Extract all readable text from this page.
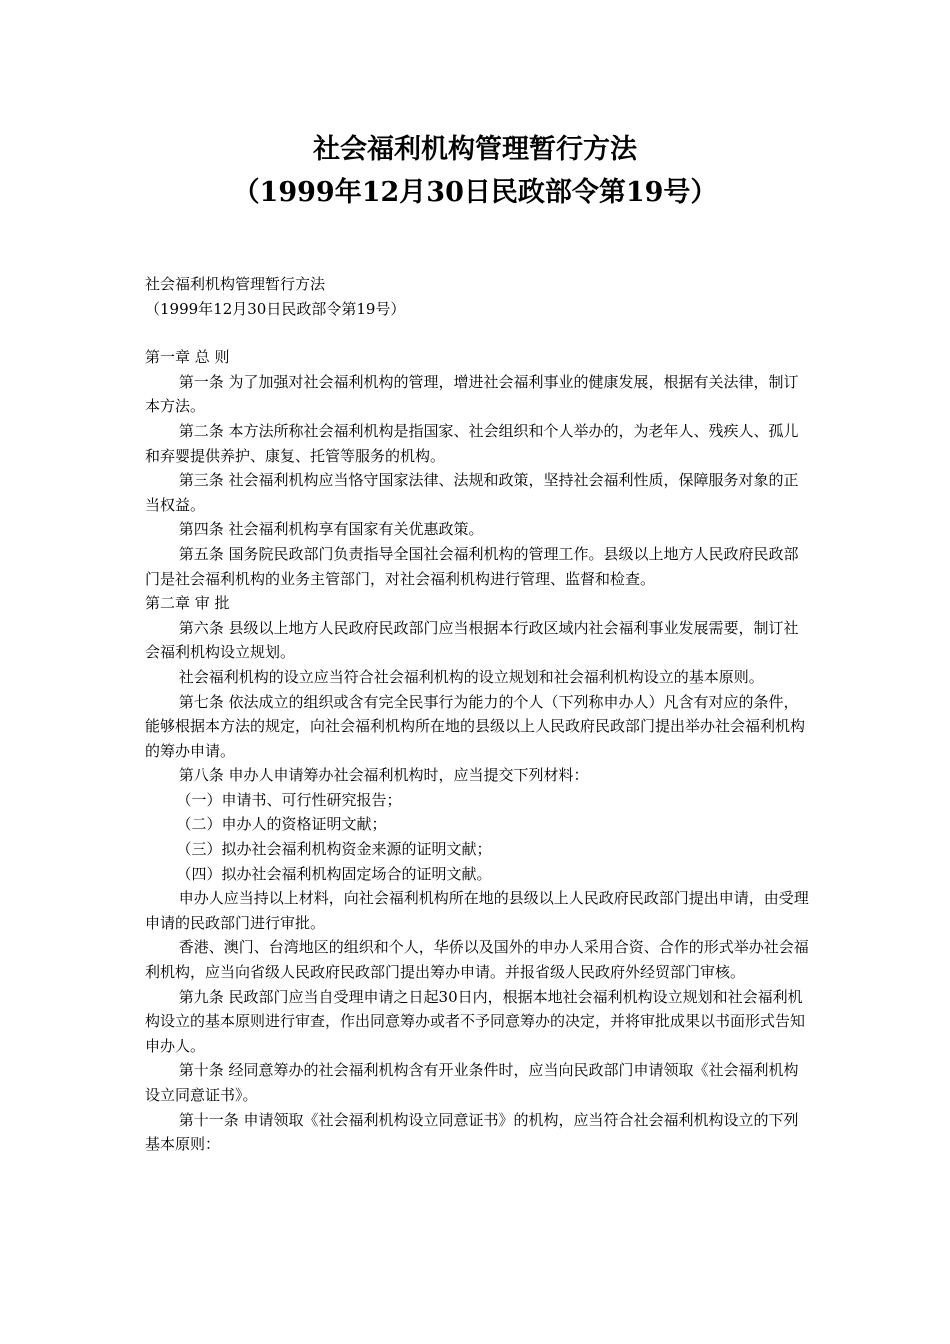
社会福利机构管理暂行方法
（1999年12月30日民政部令第19号）

社会福利机构管理暂行方法

（1999年12月30日民政部令第19号）

第一章 总 则

第一条 为了加强对社会福利机构的管理，增进社会福利事业的健康发展，根据有关法律，制订本方法。

第二条 本方法所称社会福利机构是指国家、社会组织和个人举办的，为老年人、残疾人、孤儿和弃婴提供养护、康复、托管等服务的机构。

第三条 社会福利机构应当恪守国家法律、法规和政策，坚持社会福利性质，保障服务对象的正当权益。

第四条 社会福利机构享有国家有关优惠政策。

第五条 国务院民政部门负责指导全国社会福利机构的管理工作。县级以上地方人民政府民政部门是社会福利机构的业务主管部门，对社会福利机构进行管理、监督和检查。

第二章 审 批

第六条 县级以上地方人民政府民政部门应当根据本行政区域内社会福利事业发展需要，制订社会福利机构设立规划。

社会福利机构的设立应当符合社会福利机构的设立规划和社会福利机构设立的基本原则。

第七条 依法成立的组织或含有完全民事行为能力的个人（下列称申办人）凡含有对应的条件，能够根据本方法的规定，向社会福利机构所在地的县级以上人民政府民政部门提出举办社会福利机构的筹办申请。

第八条 申办人申请筹办社会福利机构时，应当提交下列材料：

（一）申请书、可行性研究报告；

（二）申办人的资格证明文献；

（三）拟办社会福利机构资金来源的证明文献；

（四）拟办社会福利机构固定场合的证明文献。

申办人应当持以上材料，向社会福利机构所在地的县级以上人民政府民政部门提出申请，由受理申请的民政部门进行审批。

香港、澳门、台湾地区的组织和个人，华侨以及国外的申办人采用合资、合作的形式举办社会福利机构，应当向省级人民政府民政部门提出筹办申请。并报省级人民政府外经贸部门审核。

第九条 民政部门应当自受理申请之日起30日内，根据本地社会福利机构设立规划和社会福利机构设立的基本原则进行审查，作出同意筹办或者不予同意筹办的决定，并将审批成果以书面形式告知申办人。

第十条 经同意筹办的社会福利机构含有开业条件时，应当向民政部门申请领取《社会福利机构设立同意证书》。

第十一条 申请领取《社会福利机构设立同意证书》的机构，应当符合社会福利机构设立的下列基本原则：
